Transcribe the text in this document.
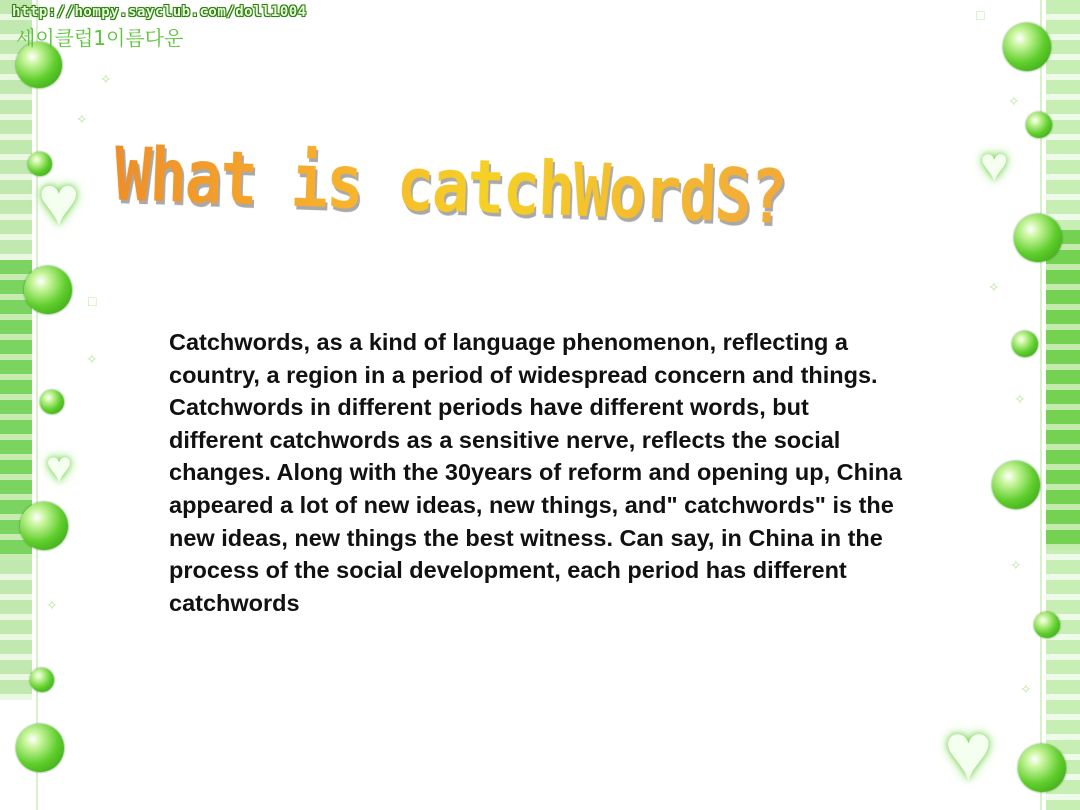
♥
♥
♥
♥
✧
✧
□
✧
✧
□
✧
✧
✧
✧
✧
http://hompy.sayclub.com/doll1004
세이클럽1이름다운
What is catchWordS?

Catchwords, as a kind of language phenomenon, reflecting a country, a region in a period of widespread concern and things. Catchwords in different periods have different words, but different catchwords as a sensitive nerve, reflects the social changes. Along with the 30years of reform and opening up, China appeared a lot of new ideas, new things, and" catchwords" is the new ideas, new things the best witness. Can say, in China in the process of the social development, each period has different catchwords
